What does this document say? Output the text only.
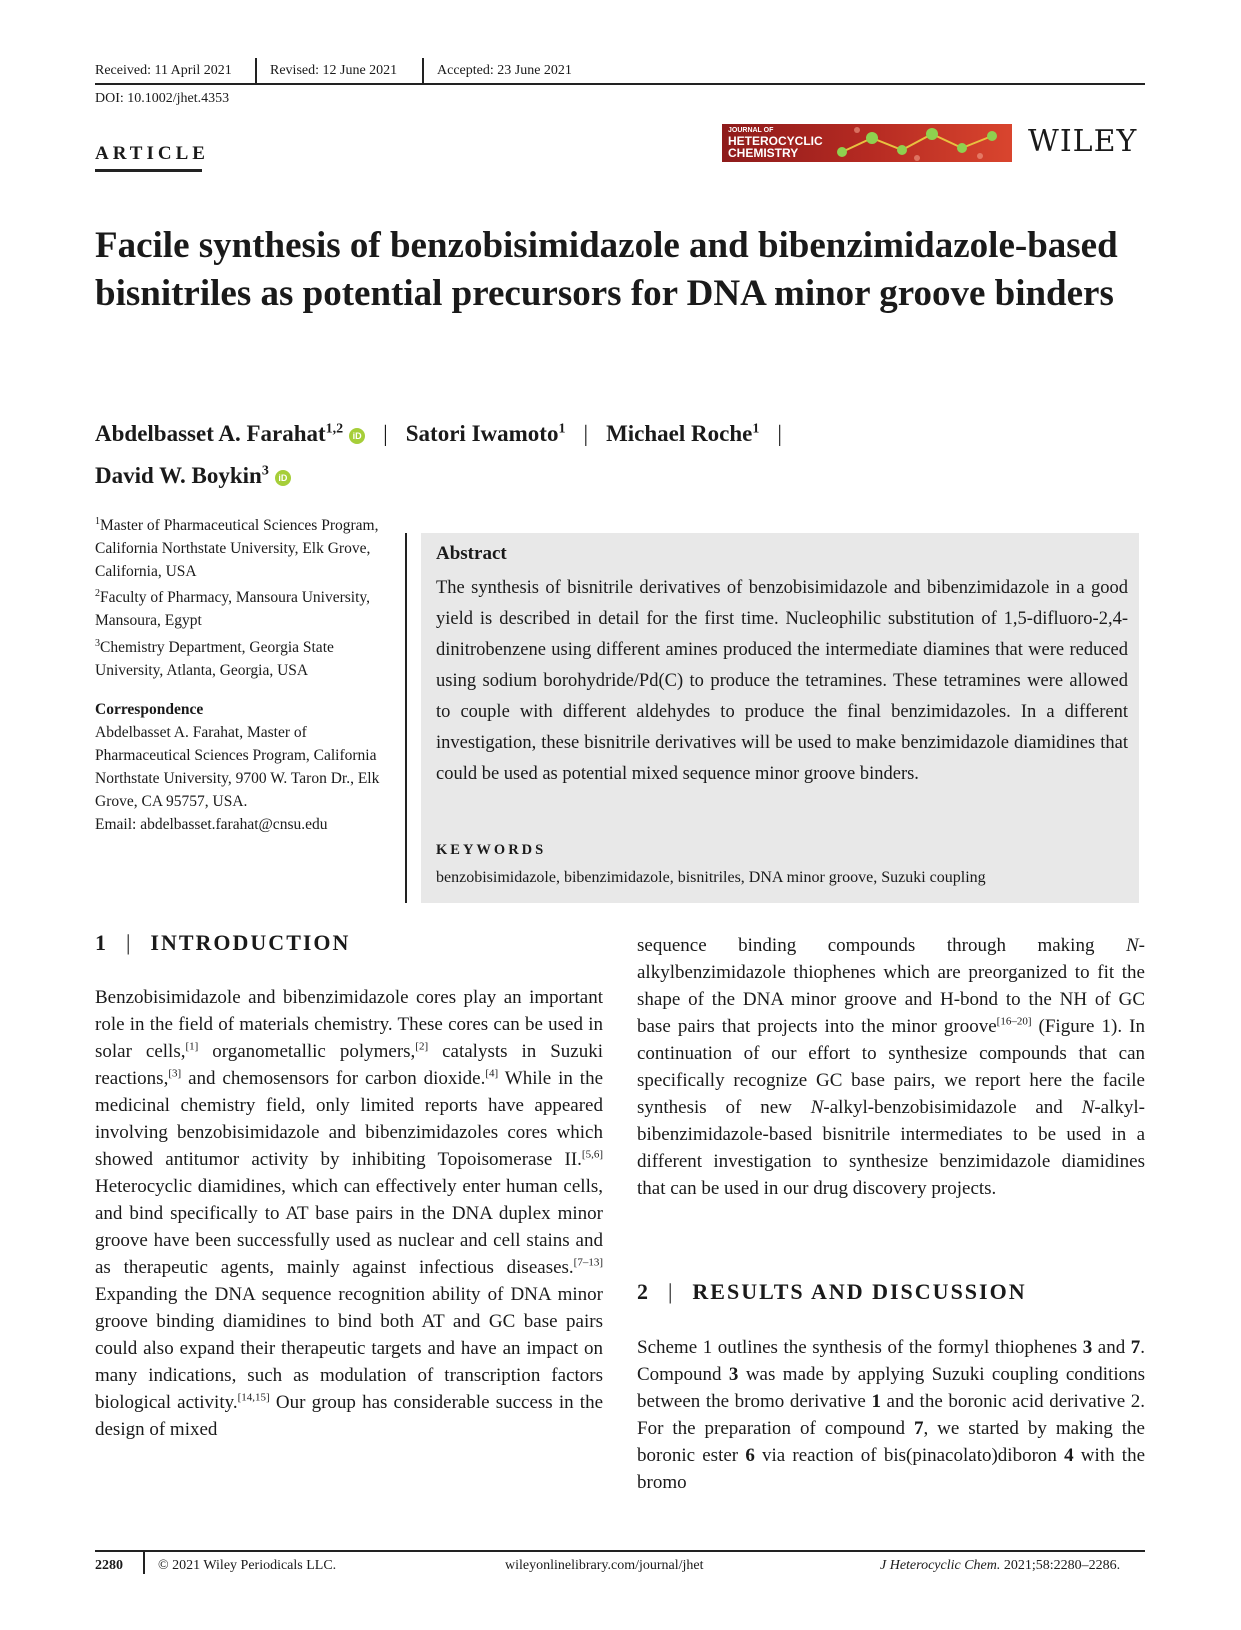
Received: 11 April 2021	Revised: 12 June 2021	Accepted: 23 June 2021
DOI: 10.1002/jhet.4353
ARTICLE
JOURNAL OF
HETEROCYCLIC
CHEMISTRY	WILEY
Facile synthesis of benzobisimidazole and bibenzimidazole-based bisnitriles as potential precursors for DNA minor groove binders
Abdelbasset A. Farahat$^{1,2}$ iD | Satori Iwamoto$^1$ | Michael Roche$^1$ |
David W. Boykin$^3$ iD
$^1$Master of Pharmaceutical Sciences Program, California Northstate University, Elk Grove, California, USA
$^2$Faculty of Pharmacy, Mansoura University, Mansoura, Egypt
$^3$Chemistry Department, Georgia State University, Atlanta, Georgia, USA
Correspondence
Abdelbasset A. Farahat, Master of Pharmaceutical Sciences Program, California Northstate University, 9700 W. Taron Dr., Elk Grove, CA 95757, USA.
Email: abdelbasset.farahat@cnsu.edu
Abstract
The synthesis of bisnitrile derivatives of benzobisimidazole and bibenzimidazole in a good yield is described in detail for the first time. Nucleophilic substitution of 1,5-difluoro-2,4-dinitrobenzene using different amines produced the intermediate diamines that were reduced using sodium borohydride/Pd(C) to produce the tetramines. These tetramines were allowed to couple with different aldehydes to produce the final benzimidazoles. In a different investigation, these bisnitrile derivatives will be used to make benzimidazole diamidines that could be used as potential mixed sequence minor groove binders.
KEYWORDS
benzobisimidazole, bibenzimidazole, bisnitriles, DNA minor groove, Suzuki coupling
1 | INTRODUCTION
Benzobisimidazole and bibenzimidazole cores play an important role in the field of materials chemistry. These cores can be used in solar cells,[1] organometallic polymers,[2] catalysts in Suzuki reactions,[3] and chemosensors for carbon dioxide.[4] While in the medicinal chemistry field, only limited reports have appeared involving benzobisimidazole and bibenzimidazoles cores which showed antitumor activity by inhibiting Topoisomerase II.[5,6] Heterocyclic diamidines, which can effectively enter human cells, and bind specifically to AT base pairs in the DNA duplex minor groove have been successfully used as nuclear and cell stains and as therapeutic agents, mainly against infectious diseases.[7–13] Expanding the DNA sequence recognition ability of DNA minor groove binding diamidines to bind both AT and GC base pairs could also expand their therapeutic targets and have an impact on many indications, such as modulation of transcription factors biological activity.[14,15] Our group has considerable success in the design of mixed
sequence binding compounds through making N-alkylbenzimidazole thiophenes which are preorganized to fit the shape of the DNA minor groove and H-bond to the NH of GC base pairs that projects into the minor groove[16–20] (Figure 1). In continuation of our effort to synthesize compounds that can specifically recognize GC base pairs, we report here the facile synthesis of new N-alkyl-benzobisimidazole and N-alkyl-bibenzimidazole-based bisnitrile intermediates to be used in a different investigation to synthesize benzimidazole diamidines that can be used in our drug discovery projects.
2 | RESULTS AND DISCUSSION
Scheme 1 outlines the synthesis of the formyl thiophenes 3 and 7. Compound 3 was made by applying Suzuki coupling conditions between the bromo derivative 1 and the boronic acid derivative 2. For the preparation of compound 7, we started by making the boronic ester 6 via reaction of bis(pinacolato)diboron 4 with the bromo
2280	© 2021 Wiley Periodicals LLC.	wileyonlinelibrary.com/journal/jhet	J Heterocyclic Chem. 2021;58:2280–2286.
